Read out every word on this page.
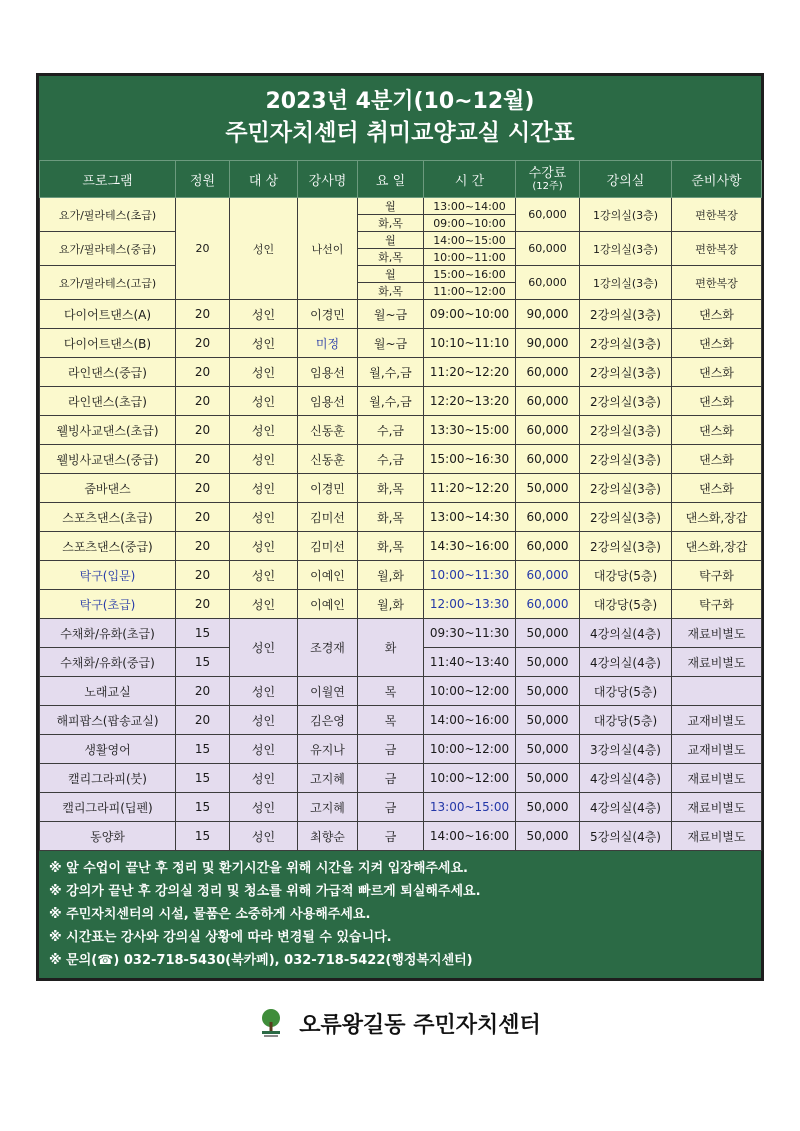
2023년 4분기(10~12월)
주민자치센터 취미교양교실 시간표
프로그램	정원	대 상	강사명	요 일	시 간	수강료
(12주)	강의실	준비사항
요가/필라테스(초급)	20	성인	나선이	월	13:00~14:00	60,000	1강의실(3층)	편한복장
				화,목	09:00~10:00			
요가/필라테스(중급)				월	14:00~15:00	60,000	1강의실(3층)	편한복장
				화,목	10:00~11:00			
요가/필라테스(고급)				월	15:00~16:00	60,000	1강의실(3층)	편한복장
				화,목	11:00~12:00			
다이어트댄스(A)	20	성인	이경민	월~금	09:00~10:00	90,000	2강의실(3층)	댄스화
다이어트댄스(B)	20	성인	미정	월~금	10:10~11:10	90,000	2강의실(3층)	댄스화
라인댄스(중급)	20	성인	임용선	월,수,금	11:20~12:20	60,000	2강의실(3층)	댄스화
라인댄스(초급)	20	성인	임용선	월,수,금	12:20~13:20	60,000	2강의실(3층)	댄스화
웰빙사교댄스(초급)	20	성인	신동훈	수,금	13:30~15:00	60,000	2강의실(3층)	댄스화
웰빙사교댄스(중급)	20	성인	신동훈	수,금	15:00~16:30	60,000	2강의실(3층)	댄스화
줌바댄스	20	성인	이경민	화,목	11:20~12:20	50,000	2강의실(3층)	댄스화
스포츠댄스(초급)	20	성인	김미선	화,목	13:00~14:30	60,000	2강의실(3층)	댄스화,장갑
스포츠댄스(중급)	20	성인	김미선	화,목	14:30~16:00	60,000	2강의실(3층)	댄스화,장갑
탁구(입문)	20	성인	이예인	월,화	10:00~11:30	60,000	대강당(5층)	탁구화
탁구(초급)	20	성인	이예인	월,화	12:00~13:30	60,000	대강당(5층)	탁구화
수채화/유화(초급)	15	성인	조경재	화	09:30~11:30	50,000	4강의실(4층)	재료비별도
수채화/유화(중급)	15				11:40~13:40	50,000	4강의실(4층)	재료비별도
노래교실	20	성인	이월연	목	10:00~12:00	50,000	대강당(5층)	
해피팝스(팝송교실)	20	성인	김은영	목	14:00~16:00	50,000	대강당(5층)	교재비별도
생활영어	15	성인	유지나	금	10:00~12:00	50,000	3강의실(4층)	교재비별도
캘리그라피(붓)	15	성인	고지혜	금	10:00~12:00	50,000	4강의실(4층)	재료비별도
캘리그라피(딥펜)	15	성인	고지혜	금	13:00~15:00	50,000	4강의실(4층)	재료비별도
동양화	15	성인	최향순	금	14:00~16:00	50,000	5강의실(4층)	재료비별도
※ 앞 수업이 끝난 후 정리 및 환기시간을 위해 시간을 지켜 입장해주세요.
※ 강의가 끝난 후 강의실 정리 및 청소를 위해 가급적 빠르게 퇴실해주세요.
※ 주민자치센터의 시설, 물품은 소중하게 사용해주세요.
※ 시간표는 강사와 강의실 상황에 따라 변경될 수 있습니다.
※ 문의(☎) 032-718-5430(북카페), 032-718-5422(행정복지센터)
오류왕길동 주민자치센터
